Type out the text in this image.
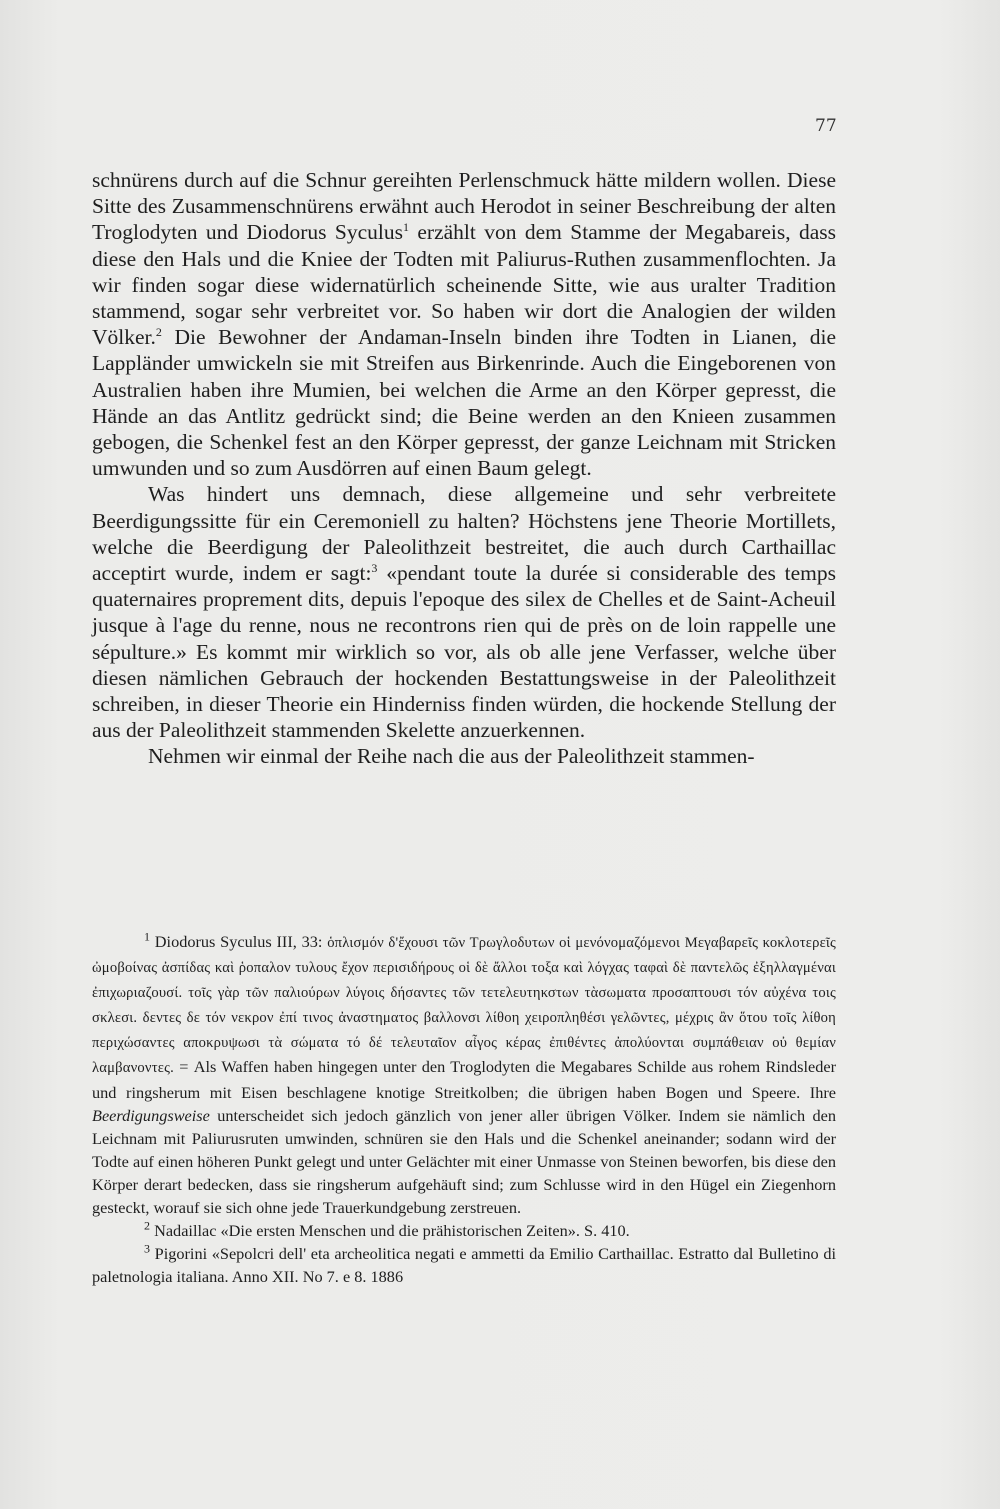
77

schnürens durch auf die Schnur gereihten Perlenschmuck hätte mildern wollen. Diese Sitte des Zusammenschnürens erwähnt auch Herodot in seiner Beschreibung der alten Troglodyten und Diodorus Syculus$^1$ erzählt von dem Stamme der Megabareis, dass diese den Hals und die Kniee der Todten mit Paliurus-Ruthen zusammenflochten. Ja wir finden sogar diese widernatürlich scheinende Sitte, wie aus uralter Tradition stammend, sogar sehr verbreitet vor. So haben wir dort die Analogien der wilden Völker.$^2$ Die Bewohner der Andaman-Inseln binden ihre Todten in Lianen, die Lappländer umwickeln sie mit Streifen aus Birkenrinde. Auch die Eingeborenen von Australien haben ihre Mumien, bei welchen die Arme an den Körper gepresst, die Hände an das Antlitz gedrückt sind; die Beine werden an den Knieen zusammen gebogen, die Schenkel fest an den Körper gepresst, der ganze Leichnam mit Stricken umwunden und so zum Ausdörren auf einen Baum gelegt.

Was hindert uns demnach, diese allgemeine und sehr verbreitete Beerdigungssitte für ein Ceremoniell zu halten? Höchstens jene Theorie Mortillets, welche die Beerdigung der Paleolithzeit bestreitet, die auch durch Carthaillac acceptirt wurde, indem er sagt:$^3$ «pendant toute la durée si considerable des temps quaternaires proprement dits, depuis l'epoque des silex de Chelles et de Saint-Acheuil jusque à l'age du renne, nous ne recontrons rien qui de près on de loin rappelle une sépulture.» Es kommt mir wirklich so vor, als ob alle jene Verfasser, welche über diesen nämlichen Gebrauch der hockenden Bestattungsweise in der Paleolithzeit schreiben, in dieser Theorie ein Hinderniss finden würden, die hockende Stellung der aus der Paleolithzeit stammenden Skelette anzuerkennen.

Nehmen wir einmal der Reihe nach die aus der Paleolithzeit stammen-

$^1$ Diodorus Syculus III, 33: ὁπλισμόν δ'ἔχουσι τῶν Τρωγλοδυτων οἱ μενόνομαζόμενοι Μεγαβαρεῖς κοκλοτερεῖς ὠμοβοίνας ἀσπίδας καὶ ῥοπαλον τυλους ἔχον περισιδήρους οἱ δὲ ἄλλοι τοξα καὶ λόγχας ταφαὶ δὲ παντελῶς ἐξηλλαγμέναι ἐπιχωριαζουσί. τοῖς γὰρ τῶν παλιούρων λύγοις δήσαντες τῶν τετελευτηκστων τὰσωματα προσαπτουσι τόν αὐχένα τοις σκλεσι. δεντες δε τόν νεκρον ἐπί τινος ἀναστηματος βαλλονσι λίθοη χειροπληθέσι γελῶντες, μέχρις ἂν ὅτου τοῖς λίθοη περιχώσαντες αποκρυψωσι τὰ σώματα τό δέ τελευταῖον αἶγος κέρας ἐπιθέντες ἀπολύονται συμπάθειαν οὐ θεμίαν λαμβανοντες. = Als Waffen haben hingegen unter den Troglodyten die Megabares Schilde aus rohem Rindsleder und ringsherum mit Eisen beschlagene knotige Streitkolben; die übrigen haben Bogen und Speere. Ihre Beerdigungsweise unterscheidet sich jedoch gänzlich von jener aller übrigen Völker. Indem sie nämlich den Leichnam mit Paliurusruten umwinden, schnüren sie den Hals und die Schenkel aneinander; sodann wird der Todte auf einen höheren Punkt gelegt und unter Gelächter mit einer Unmasse von Steinen beworfen, bis diese den Körper derart bedecken, dass sie ringsherum aufgehäuft sind; zum Schlusse wird in den Hügel ein Ziegenhorn gesteckt, worauf sie sich ohne jede Trauerkundgebung zerstreuen.

$^2$ Nadaillac «Die ersten Menschen und die prähistorischen Zeiten». S. 410.

$^3$ Pigorini «Sepolcri dell' eta archeolitica negati e ammetti da Emilio Carthaillac. Estratto dal Bulletino di paletnologia italiana. Anno XII. No 7. e 8. 1886
